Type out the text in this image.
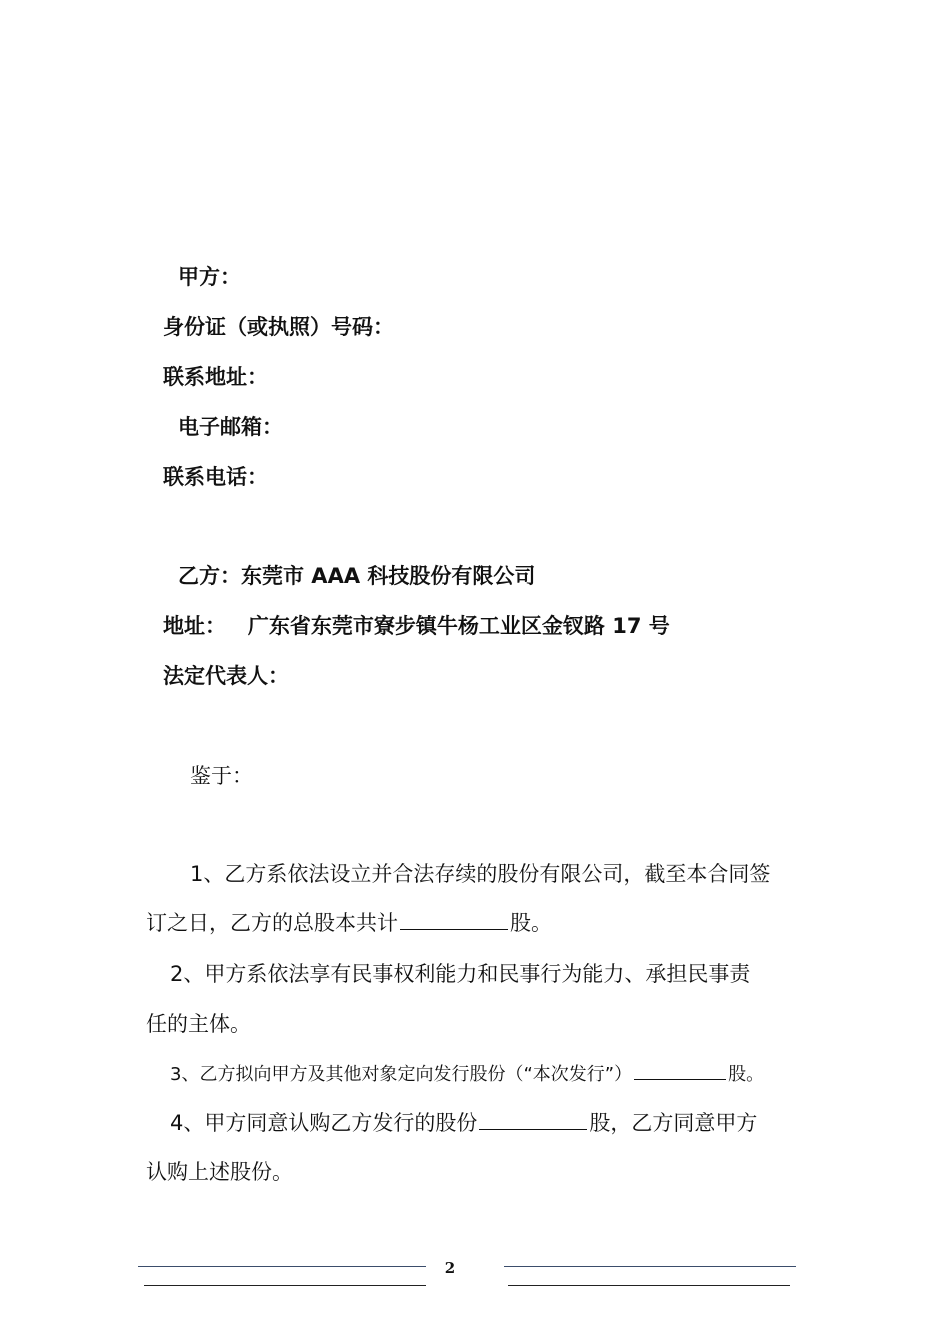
甲方：
身份证（或执照）号码：
联系地址：
电子邮箱：
联系电话：
乙方：东莞市 AAA 科技股份有限公司
地址：   广东省东莞市寮步镇牛杨工业区金钗路 17 号
法定代表人：
鉴于：
1、乙方系依法设立并合法存续的股份有限公司，截至本合同签
订之日，乙方的总股本共计	股。
2、甲方系依法享有民事权利能力和民事行为能力、承担民事责
任的主体。
3、乙方拟向甲方及其他对象定向发行股份（“本次发行”）	股。
4、甲方同意认购乙方发行的股份	股，乙方同意甲方
认购上述股份。
2
